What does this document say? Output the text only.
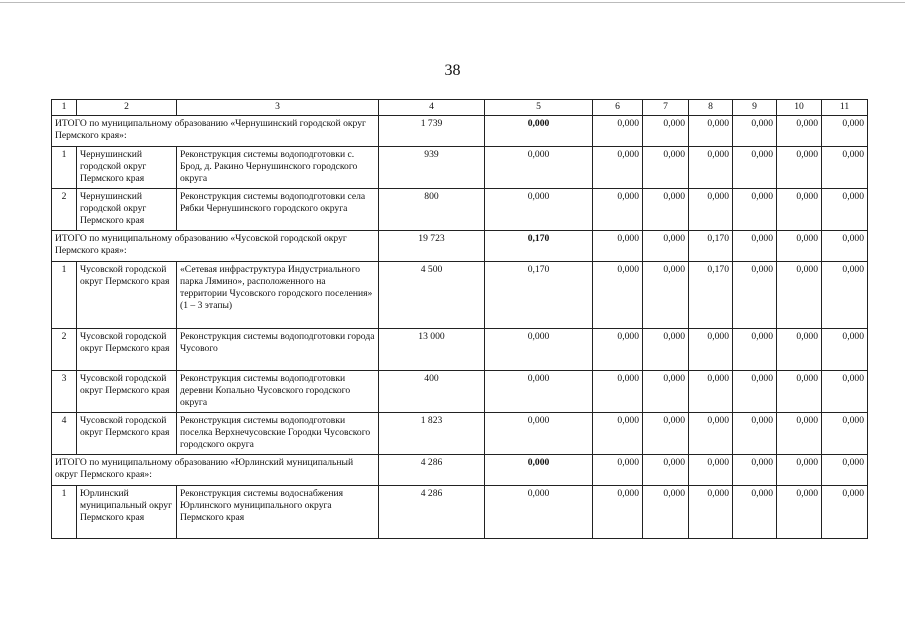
38
1	2	3	4	5	6	7	8	9	10	11
ИТОГО по муниципальному образованию «Чернушинский городской округ Пермского края»:			1 739	0,000	0,000	0,000	0,000	0,000	0,000	0,000
1	Чернушинский городской округ Пермского края	Реконструкция системы водоподготовки с. Брод, д. Ракино Чернушинского городского округа	939	0,000	0,000	0,000	0,000	0,000	0,000	0,000
2	Чернушинский городской округ Пермского края	Реконструкция системы водоподготовки села Рябки Чернушинского городского округа	800	0,000	0,000	0,000	0,000	0,000	0,000	0,000
ИТОГО по муниципальному образованию «Чусовской городской округ Пермского края»:			19 723	0,170	0,000	0,000	0,170	0,000	0,000	0,000
1	Чусовской городской округ Пермского края	«Сетевая инфраструктура Индустриального парка Лямино», расположенного на территории Чусовского городского поселения» (1 – 3 этапы)	4 500	0,170	0,000	0,000	0,170	0,000	0,000	0,000
2	Чусовской городской округ Пермского края	Реконструкция системы водоподготовки города Чусового	13 000	0,000	0,000	0,000	0,000	0,000	0,000	0,000
3	Чусовской городской округ Пермского края	Реконструкция системы водоподготовки деревни Копально Чусовского городского округа	400	0,000	0,000	0,000	0,000	0,000	0,000	0,000
4	Чусовской городской округ Пермского края	Реконструкция системы водоподготовки поселка Верхнечусовские Городки Чусовского городского округа	1 823	0,000	0,000	0,000	0,000	0,000	0,000	0,000
ИТОГО по муниципальному образованию «Юрлинский муниципальный округ Пермского края»:			4 286	0,000	0,000	0,000	0,000	0,000	0,000	0,000
1	Юрлинский муниципальный округ Пермского края	Реконструкция системы водоснабжения Юрлинского муниципального округа Пермского края	4 286	0,000	0,000	0,000	0,000	0,000	0,000	0,000
